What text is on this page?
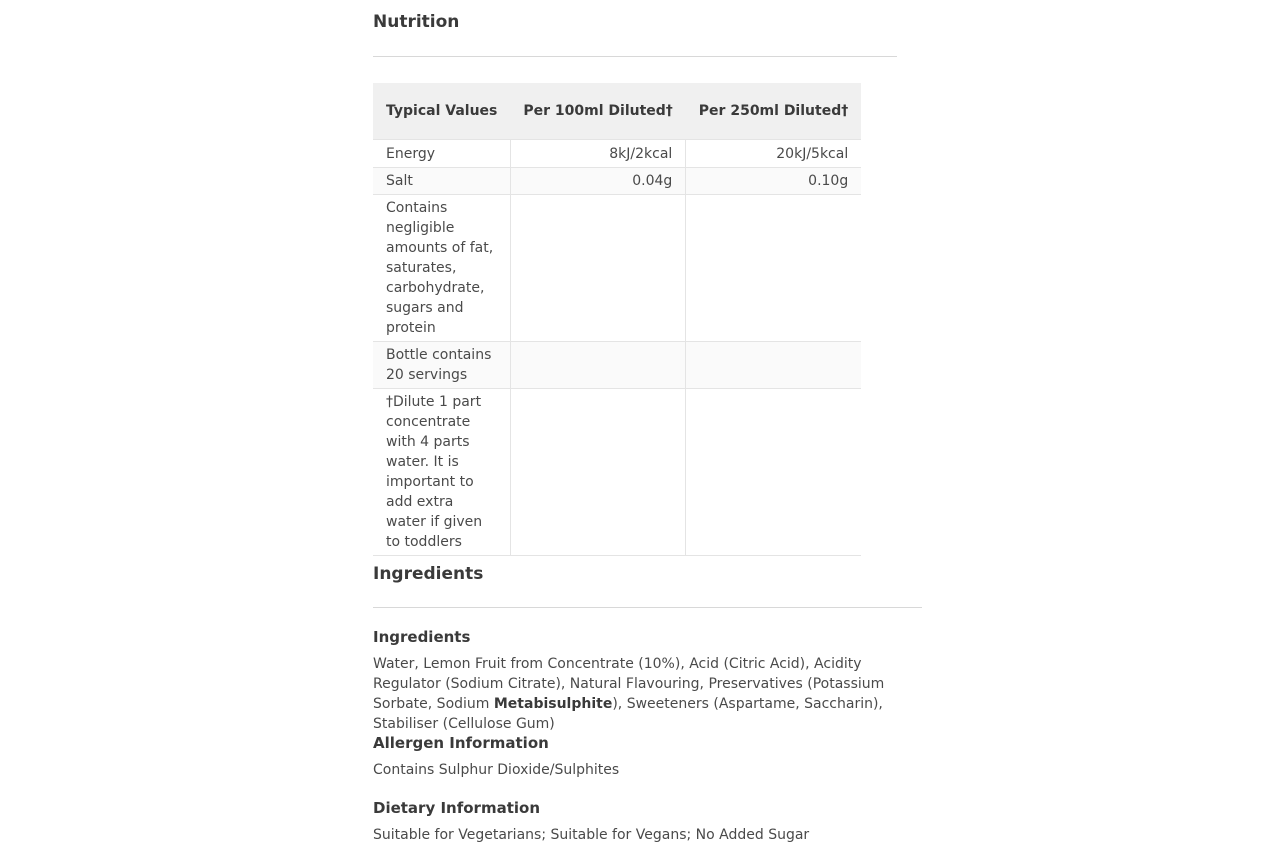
Nutrition
Typical Values	Per 100ml Diluted†	Per 250ml Diluted†
Energy	8kJ/2kcal	20kJ/5kcal
Salt	0.04g	0.10g
Contains negligible amounts of fat, saturates, carbohydrate, sugars and protein		
Bottle contains 20 servings		
†Dilute 1 part concentrate with 4 parts water. It is important to add extra water if given to toddlers		
Ingredients
Ingredients

Water, Lemon Fruit from Concentrate (10%), Acid (Citric Acid), Acidity Regulator (Sodium Citrate), Natural Flavouring, Preservatives (Potassium Sorbate, Sodium Metabisulphite), Sweeteners (Aspartame, Saccharin), Stabiliser (Cellulose Gum)

Allergen Information

Contains Sulphur Dioxide/Sulphites

Dietary Information

Suitable for Vegetarians; Suitable for Vegans; No Added Sugar
